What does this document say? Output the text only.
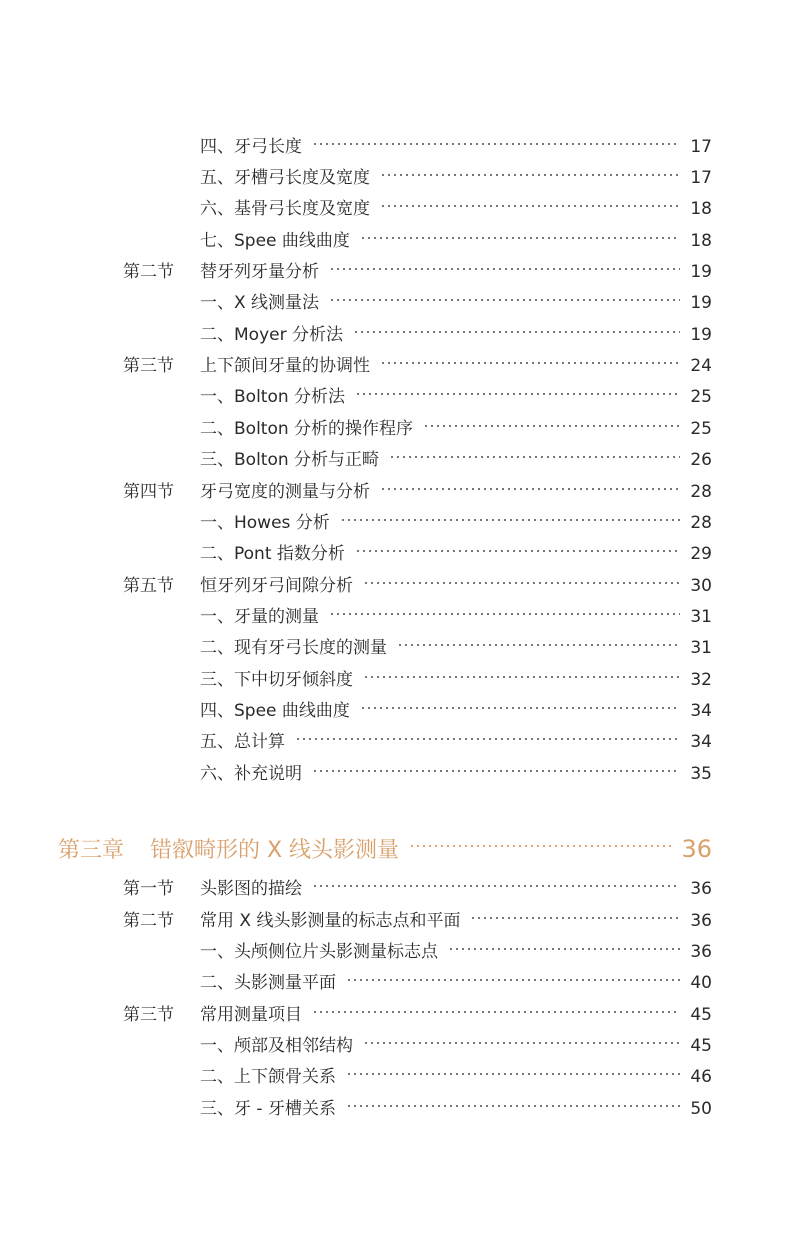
四、牙弓长度	17
五、牙槽弓长度及宽度	17
六、基骨弓长度及宽度	18
七、Spee 曲线曲度	18
第二节	替牙列牙量分析	19
一、X 线测量法	19
二、Moyer 分析法	19
第三节	上下颌间牙量的协调性	24
一、Bolton 分析法	25
二、Bolton 分析的操作程序	25
三、Bolton 分析与正畸	26
第四节	牙弓宽度的测量与分析	28
一、Howes 分析	28
二、Pont 指数分析	29
第五节	恒牙列牙弓间隙分析	30
一、牙量的测量	31
二、现有牙弓长度的测量	31
三、下中切牙倾斜度	32
四、Spee 曲线曲度	34
五、总计算	34
六、补充说明	35
第三章	错㕡畸形的 X 线头影测量	36
第一节	头影图的描绘	36
第二节	常用 X 线头影测量的标志点和平面	36
一、头颅侧位片头影测量标志点	36
二、头影测量平面	40
第三节	常用测量项目	45
一、颅部及相邻结构	45
二、上下颌骨关系	46
三、牙 - 牙槽关系	50
